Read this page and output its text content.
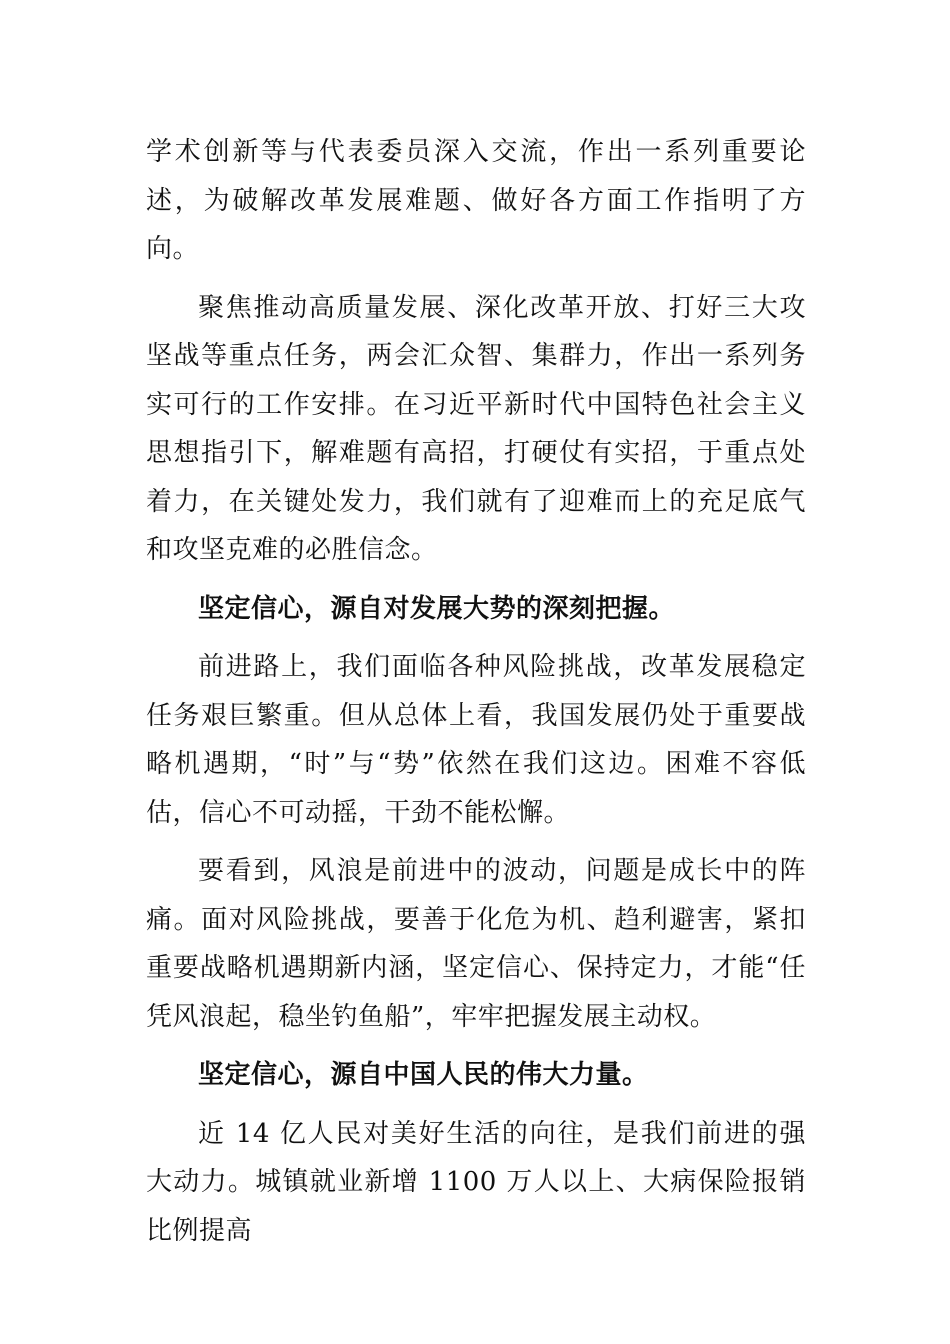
学术创新等与代表委员深入交流，作出一系列重要论述，为破解改革发展难题、做好各方面工作指明了方向。

聚焦推动高质量发展、深化改革开放、打好三大攻坚战等重点任务，两会汇众智、集群力，作出一系列务实可行的工作安排。在习近平新时代中国特色社会主义思想指引下，解难题有高招，打硬仗有实招，于重点处着力，在关键处发力，我们就有了迎难而上的充足底气和攻坚克难的必胜信念。

坚定信心，源自对发展大势的深刻把握。

前进路上，我们面临各种风险挑战，改革发展稳定任务艰巨繁重。但从总体上看，我国发展仍处于重要战略机遇期，“时”与“势”依然在我们这边。困难不容低估，信心不可动摇，干劲不能松懈。

要看到，风浪是前进中的波动，问题是成长中的阵痛。面对风险挑战，要善于化危为机、趋利避害，紧扣重要战略机遇期新内涵，坚定信心、保持定力，才能“任凭风浪起，稳坐钓鱼船”，牢牢把握发展主动权。

坚定信心，源自中国人民的伟大力量。

近 14 亿人民对美好生活的向往，是我们前进的强大动力。城镇就业新增 1100 万人以上、大病保险报销比例提高
